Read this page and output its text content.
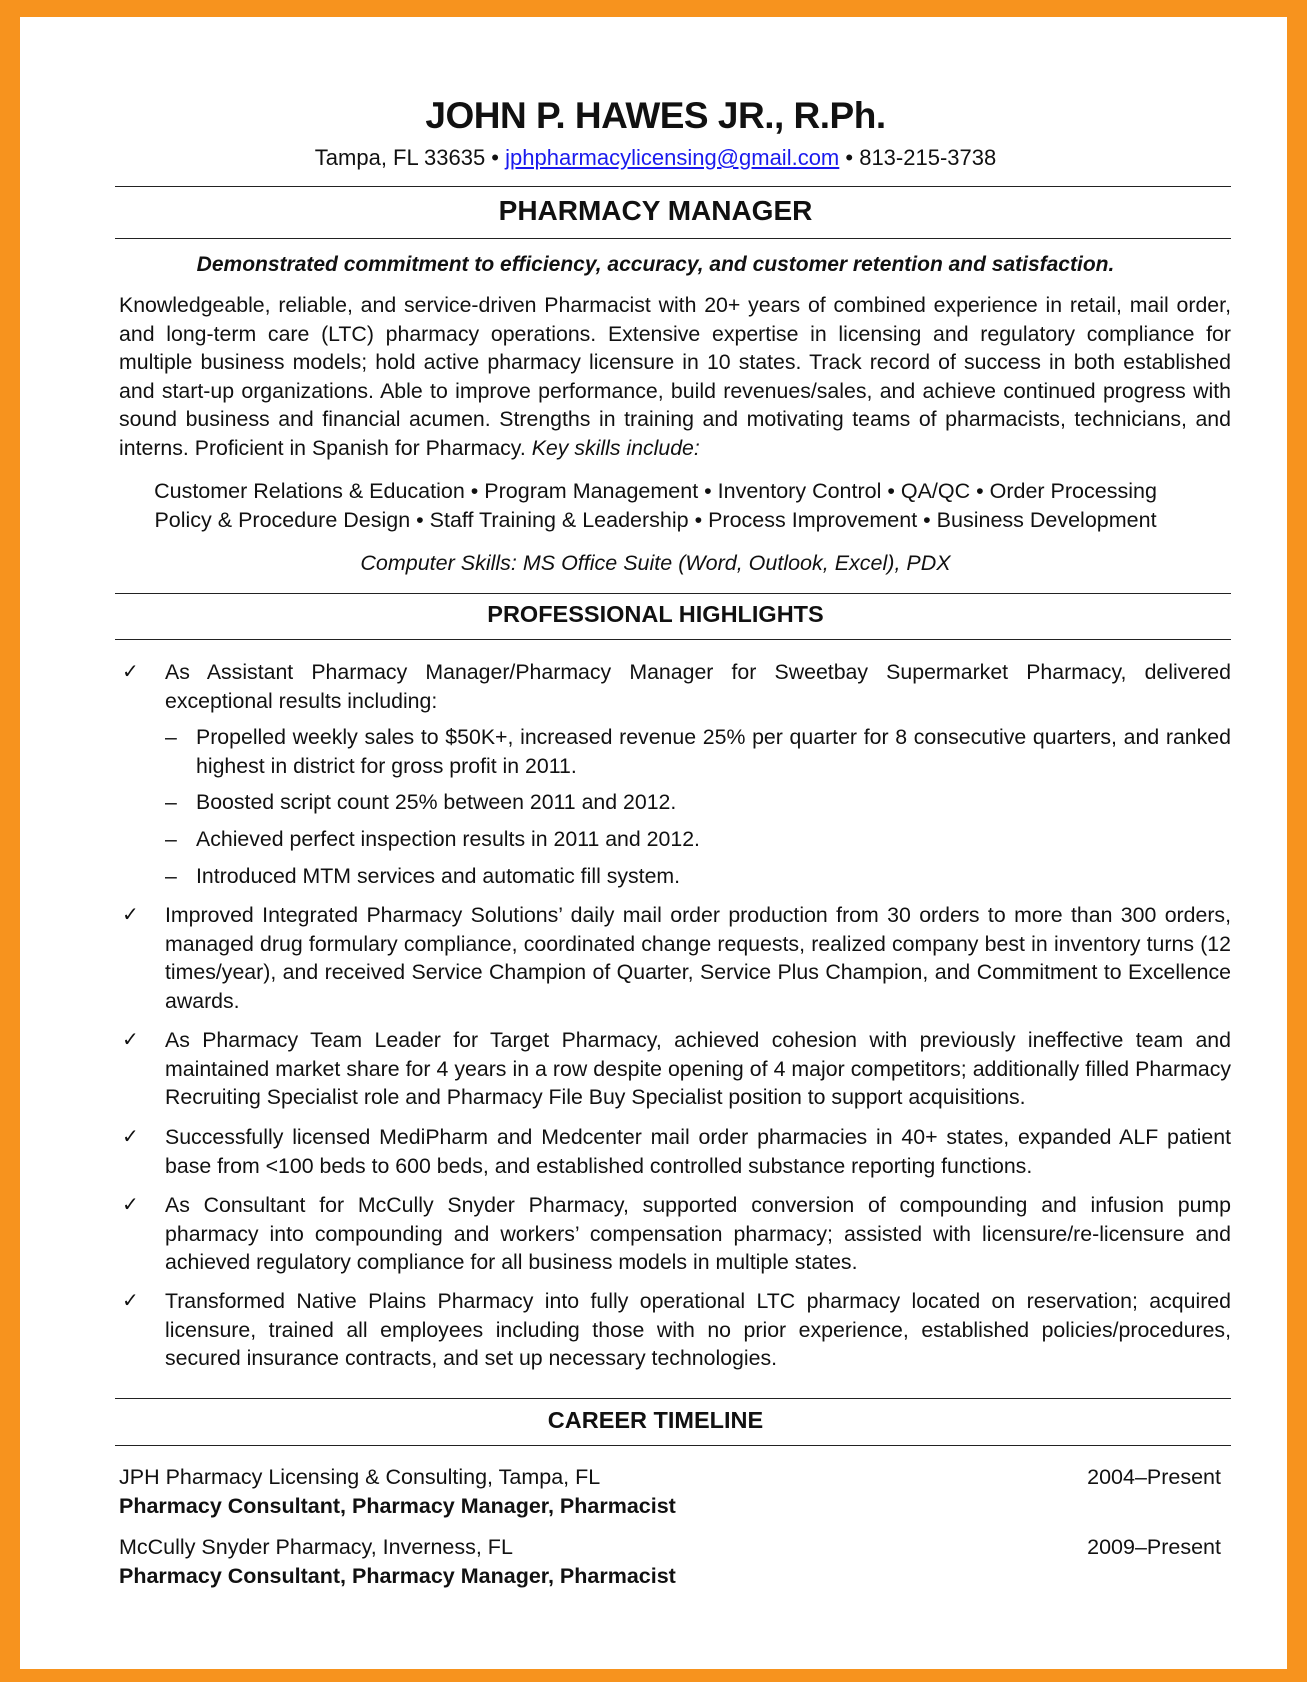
JOHN P. HAWES JR., R.Ph.
Tampa, FL 33635 • jphpharmacylicensing@gmail.com • 813-215-3738
PHARMACY MANAGER
Demonstrated commitment to efficiency, accuracy, and customer retention and satisfaction.
Knowledgeable, reliable, and service-driven Pharmacist with 20+ years of combined experience in retail, mail order, and long-term care (LTC) pharmacy operations. Extensive expertise in licensing and regulatory compliance for multiple business models; hold active pharmacy licensure in 10 states. Track record of success in both established and start-up organizations. Able to improve performance, build revenues/sales, and achieve continued progress with sound business and financial acumen. Strengths in training and motivating teams of pharmacists, technicians, and interns. Proficient in Spanish for Pharmacy. Key skills include:
Customer Relations & Education • Program Management • Inventory Control • QA/QC • Order Processing
Policy & Procedure Design • Staff Training & Leadership • Process Improvement • Business Development
Computer Skills: MS Office Suite (Word, Outlook, Excel), PDX
PROFESSIONAL HIGHLIGHTS
✓ As Assistant Pharmacy Manager/Pharmacy Manager for Sweetbay Supermarket Pharmacy, delivered exceptional results including:
– Propelled weekly sales to $50K+, increased revenue 25% per quarter for 8 consecutive quarters, and ranked highest in district for gross profit in 2011.
– Boosted script count 25% between 2011 and 2012.
– Achieved perfect inspection results in 2011 and 2012.
– Introduced MTM services and automatic fill system.
✓ Improved Integrated Pharmacy Solutions’ daily mail order production from 30 orders to more than 300 orders, managed drug formulary compliance, coordinated change requests, realized company best in inventory turns (12 times/year), and received Service Champion of Quarter, Service Plus Champion, and Commitment to Excellence awards.
✓ As Pharmacy Team Leader for Target Pharmacy, achieved cohesion with previously ineffective team and maintained market share for 4 years in a row despite opening of 4 major competitors; additionally filled Pharmacy Recruiting Specialist role and Pharmacy File Buy Specialist position to support acquisitions.
✓ Successfully licensed MediPharm and Medcenter mail order pharmacies in 40+ states, expanded ALF patient base from <100 beds to 600 beds, and established controlled substance reporting functions.
✓ As Consultant for McCully Snyder Pharmacy, supported conversion of compounding and infusion pump pharmacy into compounding and workers’ compensation pharmacy; assisted with licensure/re-licensure and achieved regulatory compliance for all business models in multiple states.
✓ Transformed Native Plains Pharmacy into fully operational LTC pharmacy located on reservation; acquired licensure, trained all employees including those with no prior experience, established policies/procedures, secured insurance contracts, and set up necessary technologies.
CAREER TIMELINE
JPH Pharmacy Licensing & Consulting, Tampa, FL
Pharmacy Consultant, Pharmacy Manager, Pharmacist
2004–Present
McCully Snyder Pharmacy, Inverness, FL
Pharmacy Consultant, Pharmacy Manager, Pharmacist
2009–Present
